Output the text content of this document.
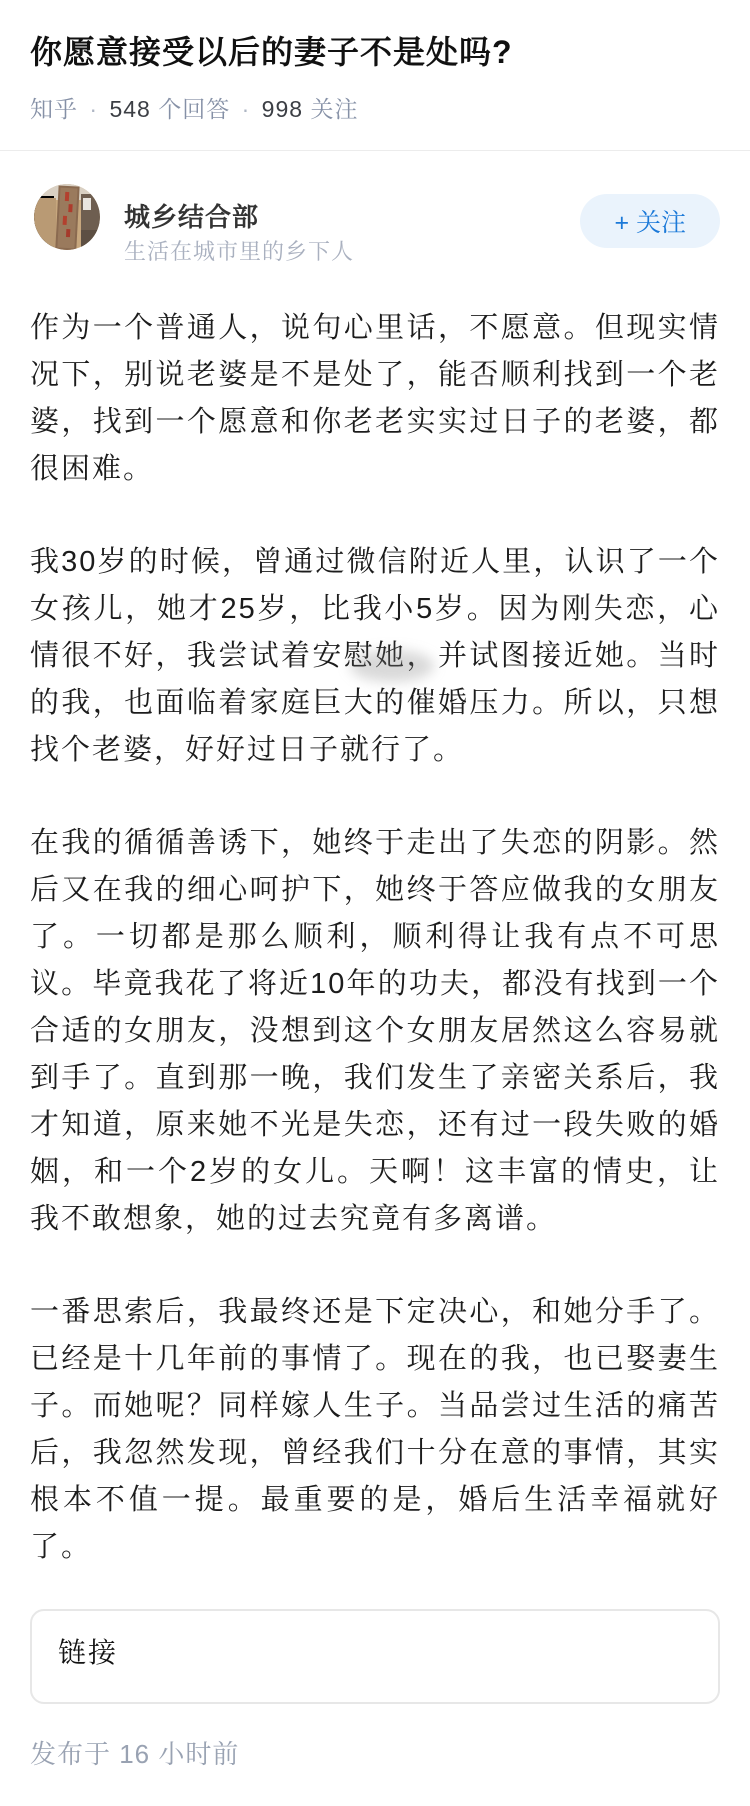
你愿意接受以后的妻子不是处吗?
知乎 · 548 个回答 · 998 关注
城乡结合部
生活在城市里的乡下人
+ 关注

作为一个普通人，说句心里话，不愿意。但现实情况下，别说老婆是不是处了，能否顺利找到一个老婆，找到一个愿意和你老老实实过日子的老婆，都很困难。

我30岁的时候，曾通过微信附近人里，认识了一个女孩儿，她才25岁，比我小5岁。因为刚失恋，心情很不好，我尝试着安慰她，并试图接近她。当时的我，也面临着家庭巨大的催婚压力。所以，只想找个老婆，好好过日子就行了。

在我的循循善诱下，她终于走出了失恋的阴影。然后又在我的细心呵护下，她终于答应做我的女朋友了。一切都是那么顺利，顺利得让我有点不可思议。毕竟我花了将近10年的功夫，都没有找到一个合适的女朋友，没想到这个女朋友居然这么容易就到手了。直到那一晚，我们发生了亲密关系后，我才知道，原来她不光是失恋，还有过一段失败的婚姻，和一个2岁的女儿。天啊！这丰富的情史，让我不敢想象，她的过去究竟有多离谱。

一番思索后，我最终还是下定决心，和她分手了。已经是十几年前的事情了。现在的我，也已娶妻生子。而她呢？同样嫁人生子。当品尝过生活的痛苦后，我忽然发现，曾经我们十分在意的事情，其实根本不值一提。最重要的是，婚后生活幸福就好了。

链接
发布于 16 小时前
